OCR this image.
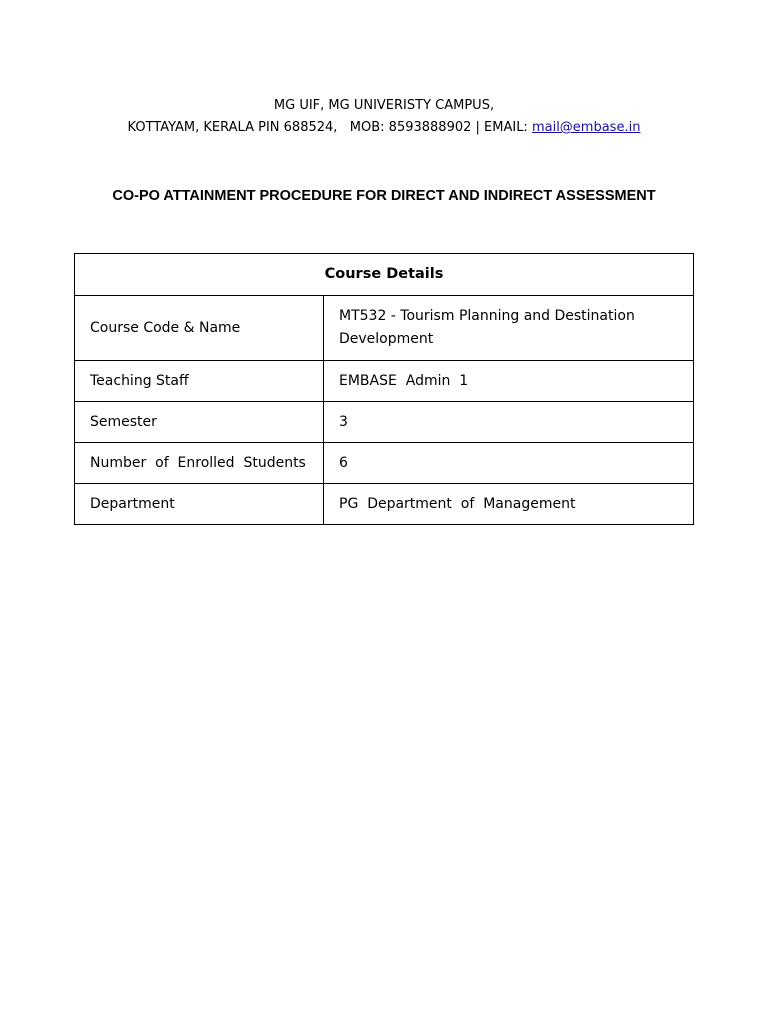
MG UIF, MG UNIVERISTY CAMPUS,
KOTTAYAM, KERALA PIN 688524,   MOB: 8593888902 | EMAIL: mail@embase.in
CO-PO ATTAINMENT PROCEDURE FOR DIRECT AND INDIRECT ASSESSMENT
Course Details	
Course Code & Name	MT532 - Tourism Planning and Destination Development
Teaching Staff	EMBASE  Admin  1
Semester	3
Number  of  Enrolled  Students	6
Department	PG  Department  of  Management
